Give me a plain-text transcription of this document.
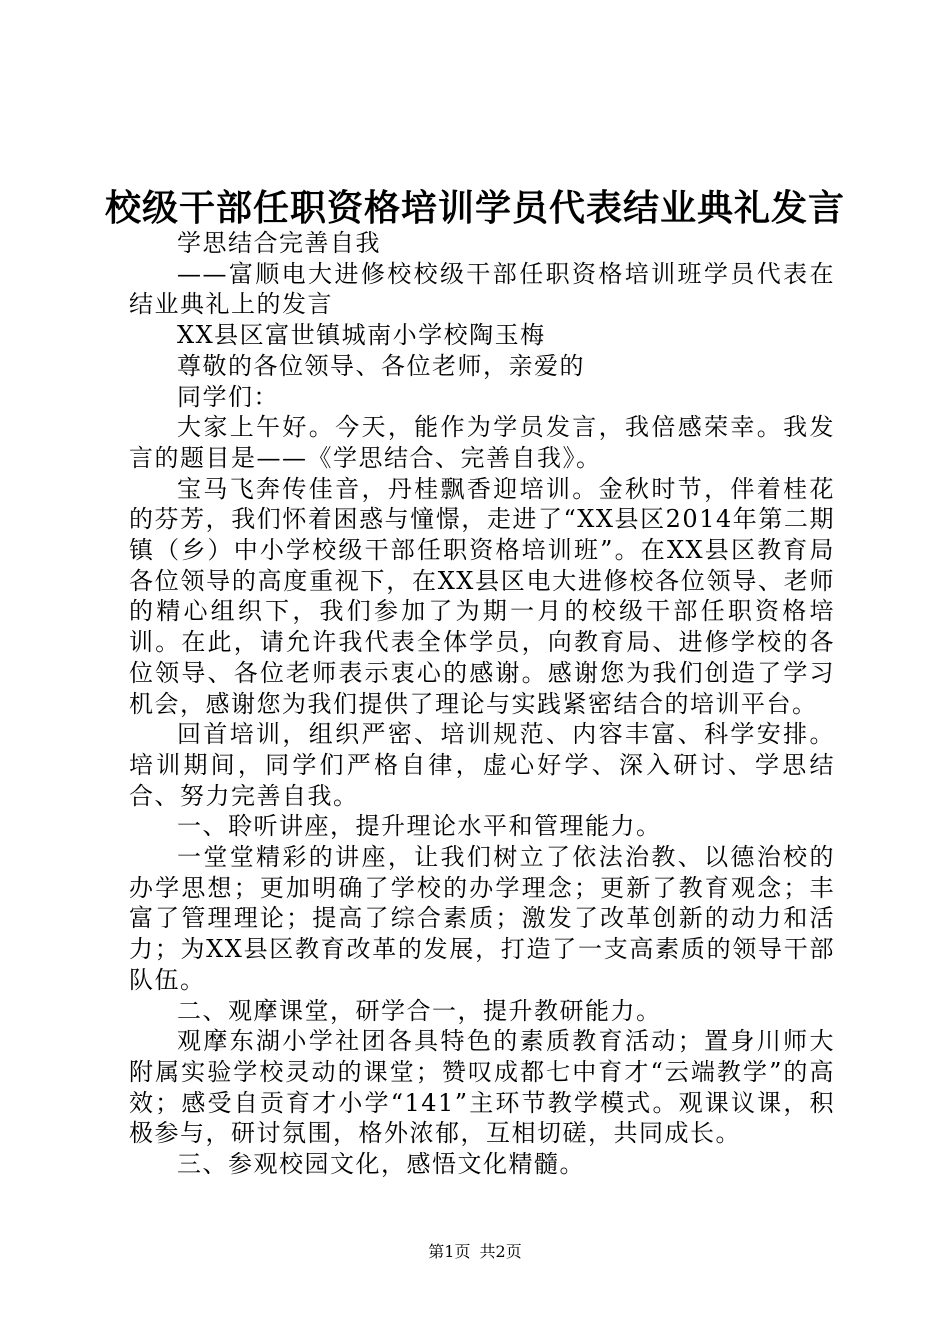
校级干部任职资格培训学员代表结业典礼发言

学思结合完善自我

——富顺电大进修校校级干部任职资格培训班学员代表在结业典礼上的发言

XX县区富世镇城南小学校陶玉梅

尊敬的各位领导、各位老师，亲爱的

同学们：

大家上午好。今天，能作为学员发言，我倍感荣幸。我发言的题目是——《学思结合、完善自我》。

宝马飞奔传佳音，丹桂飘香迎培训。金秋时节，伴着桂花的芬芳，我们怀着困惑与憧憬，走进了“XX县区2014年第二期镇（乡）中小学校级干部任职资格培训班”。在XX县区教育局各位领导的高度重视下，在XX县区电大进修校各位领导、老师的精心组织下，我们参加了为期一月的校级干部任职资格培训。在此，请允许我代表全体学员，向教育局、进修学校的各位领导、各位老师表示衷心的感谢。感谢您为我们创造了学习机会，感谢您为我们提供了理论与实践紧密结合的培训平台。

回首培训，组织严密、培训规范、内容丰富、科学安排。培训期间，同学们严格自律，虚心好学、深入研讨、学思结合、努力完善自我。

一、聆听讲座，提升理论水平和管理能力。

一堂堂精彩的讲座，让我们树立了依法治教、以德治校的办学思想；更加明确了学校的办学理念；更新了教育观念；丰富了管理理论；提高了综合素质；激发了改革创新的动力和活力；为XX县区教育改革的发展，打造了一支高素质的领导干部队伍。

二、观摩课堂，研学合一，提升教研能力。

观摩东湖小学社团各具特色的素质教育活动；置身川师大附属实验学校灵动的课堂；赞叹成都七中育才“云端教学”的高效；感受自贡育才小学“141”主环节教学模式。观课议课，积极参与，研讨氛围，格外浓郁，互相切磋，共同成长。

三、参观校园文化，感悟文化精髓。

第1页 共2页
